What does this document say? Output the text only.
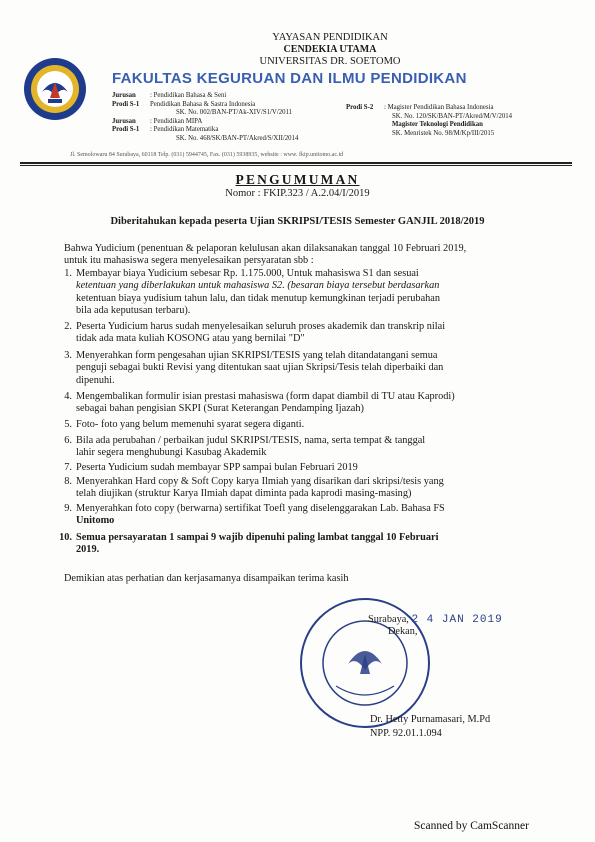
YAYASAN PENDIDIKAN
CENDEKIA UTAMA
UNIVERSITAS DR. SOETOMO
FAKULTAS KEGURUAN DAN ILMU PENDIDIKAN
Jurusan : Pendidikan Bahasa & Seni
Prodi S-1 Pendidikan Bahasa & Sastra Indonesia
SK. No. 002/BAN-PT/Ak-XIV/S1/V/2011
Jurusan : Pendidikan MIPA
Prodi S-1 : Pendidikan Matematika
SK. No. 468/SK/BAN-PT/Akred/S/XII/2014
Prodi S-2 : Magister Pendidikan Bahasa Indonesia
SK. No. 120/SK/BAN-PT/Akred/M/V/2014
Magister Teknologi Pendidikan
SK. Menristek No. 98/M/Kp/III/2015
Jl. Semolowaru 84 Surabaya, 60118 Telp. (031) 5944745, Fax. (031) 5938935, website : www. fkip.unitomo.ac.id
PENGUMUMAN
Nomor : FKIP.323 / A.2.04/I/2019
Diberitahukan kepada peserta Ujian SKRIPSI/TESIS Semester GANJIL 2018/2019
Bahwa Yudicium (penentuan & pelaporan kelulusan akan dilaksanakan tanggal 10 Februari 2019,
untuk itu mahasiswa segera menyelesaikan persyaratan sbb :
1. Membayar biaya Yudicium sebesar Rp. 1.175.000, Untuk mahasiswa S1 dan sesuai
ketentuan yang diberlakukan untuk mahasiswa S2. (besaran biaya tersebut berdasarkan
ketentuan biaya yudisium tahun lalu, dan tidak menutup kemungkinan terjadi perubahan
bila ada keputusan terbaru).
2. Peserta Yudicium harus sudah menyelesaikan seluruh proses akademik dan transkrip nilai
tidak ada mata kuliah KOSONG atau yang bernilai "D"
3. Menyerahkan form pengesahan ujian SKRIPSI/TESIS yang telah ditandatangani semua
penguji sebagai bukti Revisi yang ditentukan saat ujian Skripsi/Tesis telah diperbaiki dan
dipenuhi.
4. Mengembalikan formulir isian prestasi mahasiswa (form dapat diambil di TU atau Kaprodi)
sebagai bahan pengisian SKPI (Surat Keterangan Pendamping Ijazah)
5. Foto- foto yang belum memenuhi syarat segera diganti.
6. Bila ada perubahan / perbaikan judul SKRIPSI/TESIS, nama, serta tempat & tanggal
lahir segera menghubungi Kasubag Akademik
7. Peserta Yudicium sudah membayar SPP sampai bulan Februari 2019
8. Menyerahkan Hard copy & Soft Copy karya Ilmiah yang disarikan dari skripsi/tesis yang
telah diujikan (struktur Karya Ilmiah dapat diminta pada kaprodi masing-masing)
9. Menyerahkan foto copy (berwarna) sertifikat Toefl yang diselenggarakan Lab. Bahasa FS
Unitomo
10. Semua persayaratan 1 sampai 9 wajib dipenuhi paling lambat tanggal 10 Februari
2019.
Demikian atas perhatian dan kerjasamanya disampaikan terima kasih
Surabaya, 2 4 JAN 2019
Dekan,
Dr. Hetty Purnamasari, M.Pd
NPP. 92.01.1.094
Scanned by CamScanner
